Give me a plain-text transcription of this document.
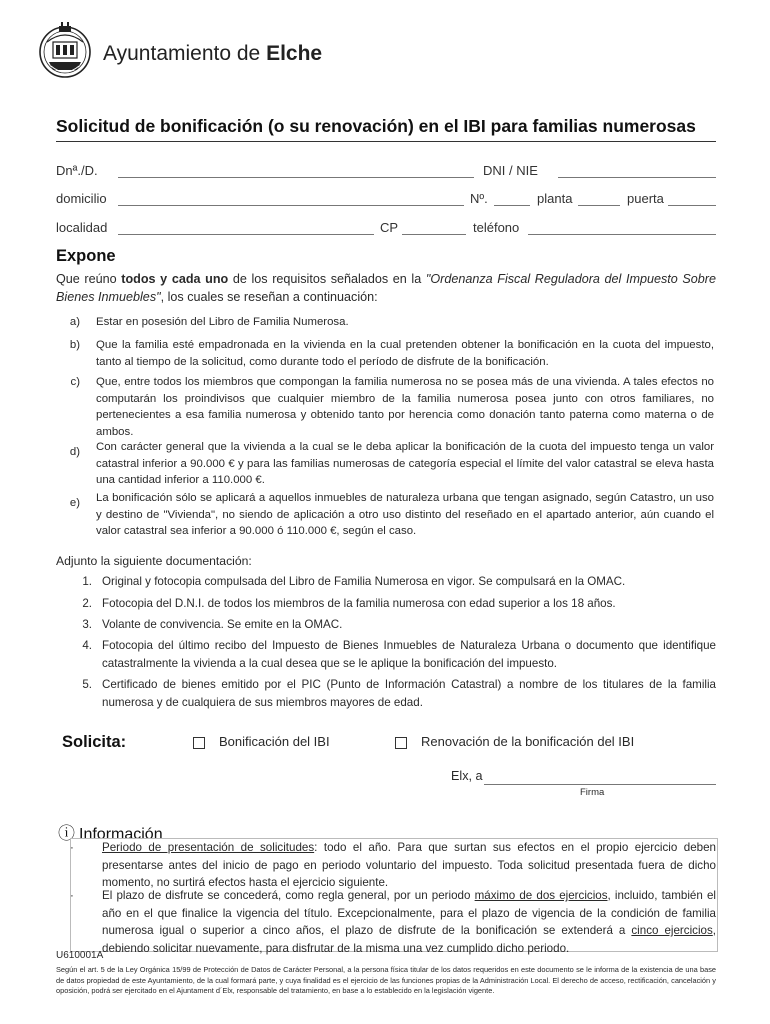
Ayuntamiento de Elche
Solicitud de bonificación (o su renovación) en el IBI para familias numerosas
Dnª./D.	DNI / NIE
domicilio	Nº.	planta	puerta
localidad	CP	teléfono
Expone
Que reúno todos y cada uno de los requisitos señalados en la "Ordenanza Fiscal Reguladora del Impuesto Sobre Bienes Inmuebles", los cuales se reseñan a continuación:
a) Estar en posesión del Libro de Familia Numerosa.
b) Que la familia esté empadronada en la vivienda en la cual pretenden obtener la bonificación en la cuota del impuesto, tanto al tiempo de la solicitud, como durante todo el período de disfrute de la bonificación.
c) Que, entre todos los miembros que compongan la familia numerosa no se posea más de una vivienda. A tales efectos no computarán los proindivisos que cualquier miembro de la familia numerosa posea junto con otros familiares, no pertenecientes a esa familia numerosa y obtenido tanto por herencia como donación tanto paterna como materna o de ambos.
d) Con carácter general que la vivienda a la cual se le deba aplicar la bonificación de la cuota del impuesto tenga un valor catastral inferior a 90.000 € y para las familias numerosas de categoría especial el límite del valor catastral se eleva hasta una cantidad inferior a 110.000 €.
e) La bonificación sólo se aplicará a aquellos inmuebles de naturaleza urbana que tengan asignado, según Catastro, un uso y destino de "Vivienda", no siendo de aplicación a otro uso distinto del reseñado en el apartado anterior, aún cuando el valor catastral sea inferior a 90.000 ó 110.000 €, según el caso.
Adjunto la siguiente documentación:
1. Original y fotocopia compulsada del Libro de Familia Numerosa en vigor. Se compulsará en la OMAC.
2. Fotocopia del D.N.I. de todos los miembros de la familia numerosa con edad superior a los 18 años.
3. Volante de convivencia. Se emite en la OMAC.
4. Fotocopia del último recibo del Impuesto de Bienes Inmuebles de Naturaleza Urbana o documento que identifique catastralmente la vivienda a la cual desea que se le aplique la bonificación del impuesto.
5. Certificado de bienes emitido por el PIC (Punto de Información Catastral) a nombre de los titulares de la familia numerosa y de cualquiera de sus miembros mayores de edad.
Solicita:	Bonificación del IBI	Renovación de la bonificación del IBI
Elx, a
Firma
ⓘ Información
· Periodo de presentación de solicitudes: todo el año. Para que surtan sus efectos en el propio ejercicio deben presentarse antes del inicio de pago en periodo voluntario del impuesto. Toda solicitud presentada fuera de dicho momento, no surtirá efectos hasta el ejercicio siguiente.
· El plazo de disfrute se concederá, como regla general, por un periodo máximo de dos ejercicios, incluido, también el año en el que finalice la vigencia del título. Excepcionalmente, para el plazo de vigencia de la condición de familia numerosa igual o superior a cinco años, el plazo de disfrute de la bonificación se extenderá a cinco ejercicios, debiendo solicitar nuevamente, para disfrutar de la misma una vez cumplido dicho periodo.
U610001A
Según el art. 5 de la Ley Orgánica 15/99 de Protección de Datos de Carácter Personal, a la persona física titular de los datos requeridos en este documento se le informa de la existencia de una base de datos propiedad de este Ayuntamiento, de la cual formará parte, y cuya finalidad es el ejercicio de las funciones propias de la Administración Local. El derecho de acceso, rectificación, cancelación y oposición, podrá ser ejercitado en el Ajuntament d´Elx, responsable del tratamiento, en base a lo establecido en la legislación vigente.
